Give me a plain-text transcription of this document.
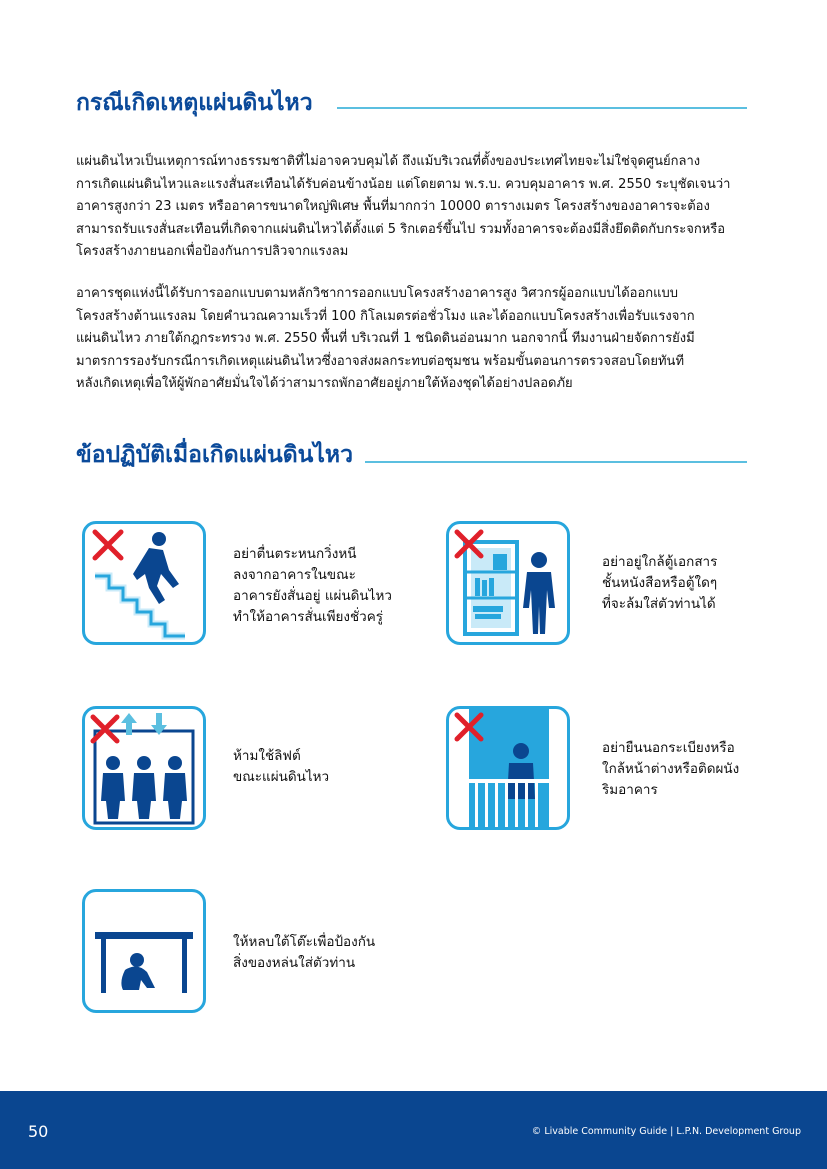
กรณีเกิดเหตุแผ่นดินไหว

แผ่นดินไหวเป็นเหตุการณ์ทางธรรมชาติที่ไม่อาจควบคุมได้ ถึงแม้บริเวณที่ตั้งของประเทศไทยจะไม่ใช่จุดศูนย์กลาง
การเกิดแผ่นดินไหวและแรงสั่นสะเทือนได้รับค่อนข้างน้อย แต่โดยตาม พ.ร.บ. ควบคุมอาคาร พ.ศ. 2550 ระบุชัดเจนว่า
อาคารสูงกว่า 23 เมตร หรืออาคารขนาดใหญ่พิเศษ พื้นที่มากกว่า 10000 ตารางเมตร โครงสร้างของอาคารจะต้อง
สามารถรับแรงสั่นสะเทือนที่เกิดจากแผ่นดินไหวได้ตั้งแต่ 5 ริกเตอร์ขึ้นไป รวมทั้งอาคารจะต้องมีสิ่งยึดติดกับกระจกหรือ
โครงสร้างภายนอกเพื่อป้องกันการปลิวจากแรงลม

อาคารชุดแห่งนี้ได้รับการออกแบบตามหลักวิชาการออกแบบโครงสร้างอาคารสูง วิศวกรผู้ออกแบบได้ออกแบบ
โครงสร้างต้านแรงลม โดยคำนวณความเร็วที่ 100 กิโลเมตรต่อชั่วโมง และได้ออกแบบโครงสร้างเพื่อรับแรงจาก
แผ่นดินไหว ภายใต้กฎกระทรวง พ.ศ. 2550 พื้นที่ บริเวณที่ 1 ชนิดดินอ่อนมาก นอกจากนี้ ทีมงานฝ่ายจัดการยังมี
มาตรการรองรับกรณีการเกิดเหตุแผ่นดินไหวซึ่งอาจส่งผลกระทบต่อชุมชน พร้อมขั้นตอนการตรวจสอบโดยทันที
หลังเกิดเหตุเพื่อให้ผู้พักอาศัยมั่นใจได้ว่าสามารถพักอาศัยอยู่ภายใต้ห้องชุดได้อย่างปลอดภัย

ข้อปฏิบัติเมื่อเกิดแผ่นดินไหว

อย่าตื่นตระหนกวิ่งหนี
ลงจากอาคารในขณะ
อาคารยังสั่นอยู่ แผ่นดินไหว
ทำให้อาคารสั่นเพียงชั่วครู่

อย่าอยู่ใกล้ตู้เอกสาร
ชั้นหนังสือหรือตู้ใดๆ
ที่จะล้มใส่ตัวท่านได้

ห้ามใช้ลิฟต์
ขณะแผ่นดินไหว

อย่ายืนนอกระเบียงหรือ
ใกล้หน้าต่างหรือติดผนัง
ริมอาคาร

ให้หลบใต้โต๊ะเพื่อป้องกัน
สิ่งของหล่นใส่ตัวท่าน

50	© Livable Community Guide | L.P.N. Development Group
